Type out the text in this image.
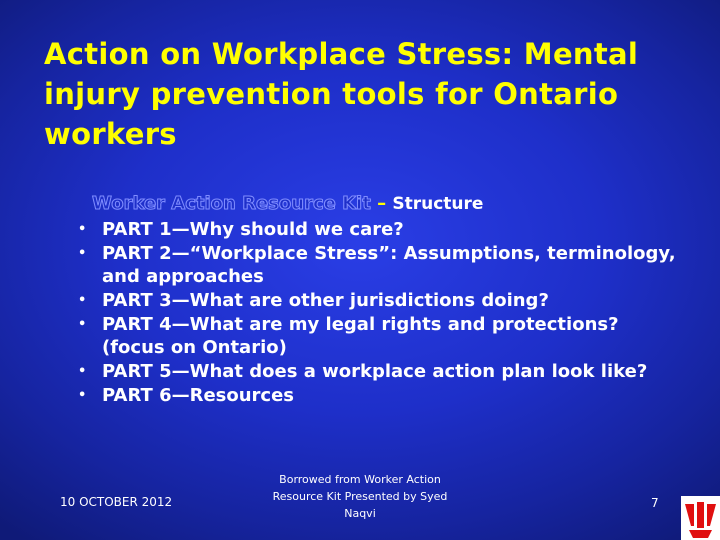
Action on Workplace Stress: Mental injury prevention tools for Ontario workers
Worker Action Resource Kit – Structure
• PART 1—Why should we care?
• PART 2—“Workplace Stress”: Assumptions, terminology, and approaches
• PART 3—What are other jurisdictions doing?
• PART 4—What are my legal rights and protections? (focus on Ontario)
• PART 5—What does a workplace action plan look like?
• PART 6—Resources
10 OCTOBER 2012
Borrowed from Worker Action Resource Kit Presented by Syed Naqvi
7
